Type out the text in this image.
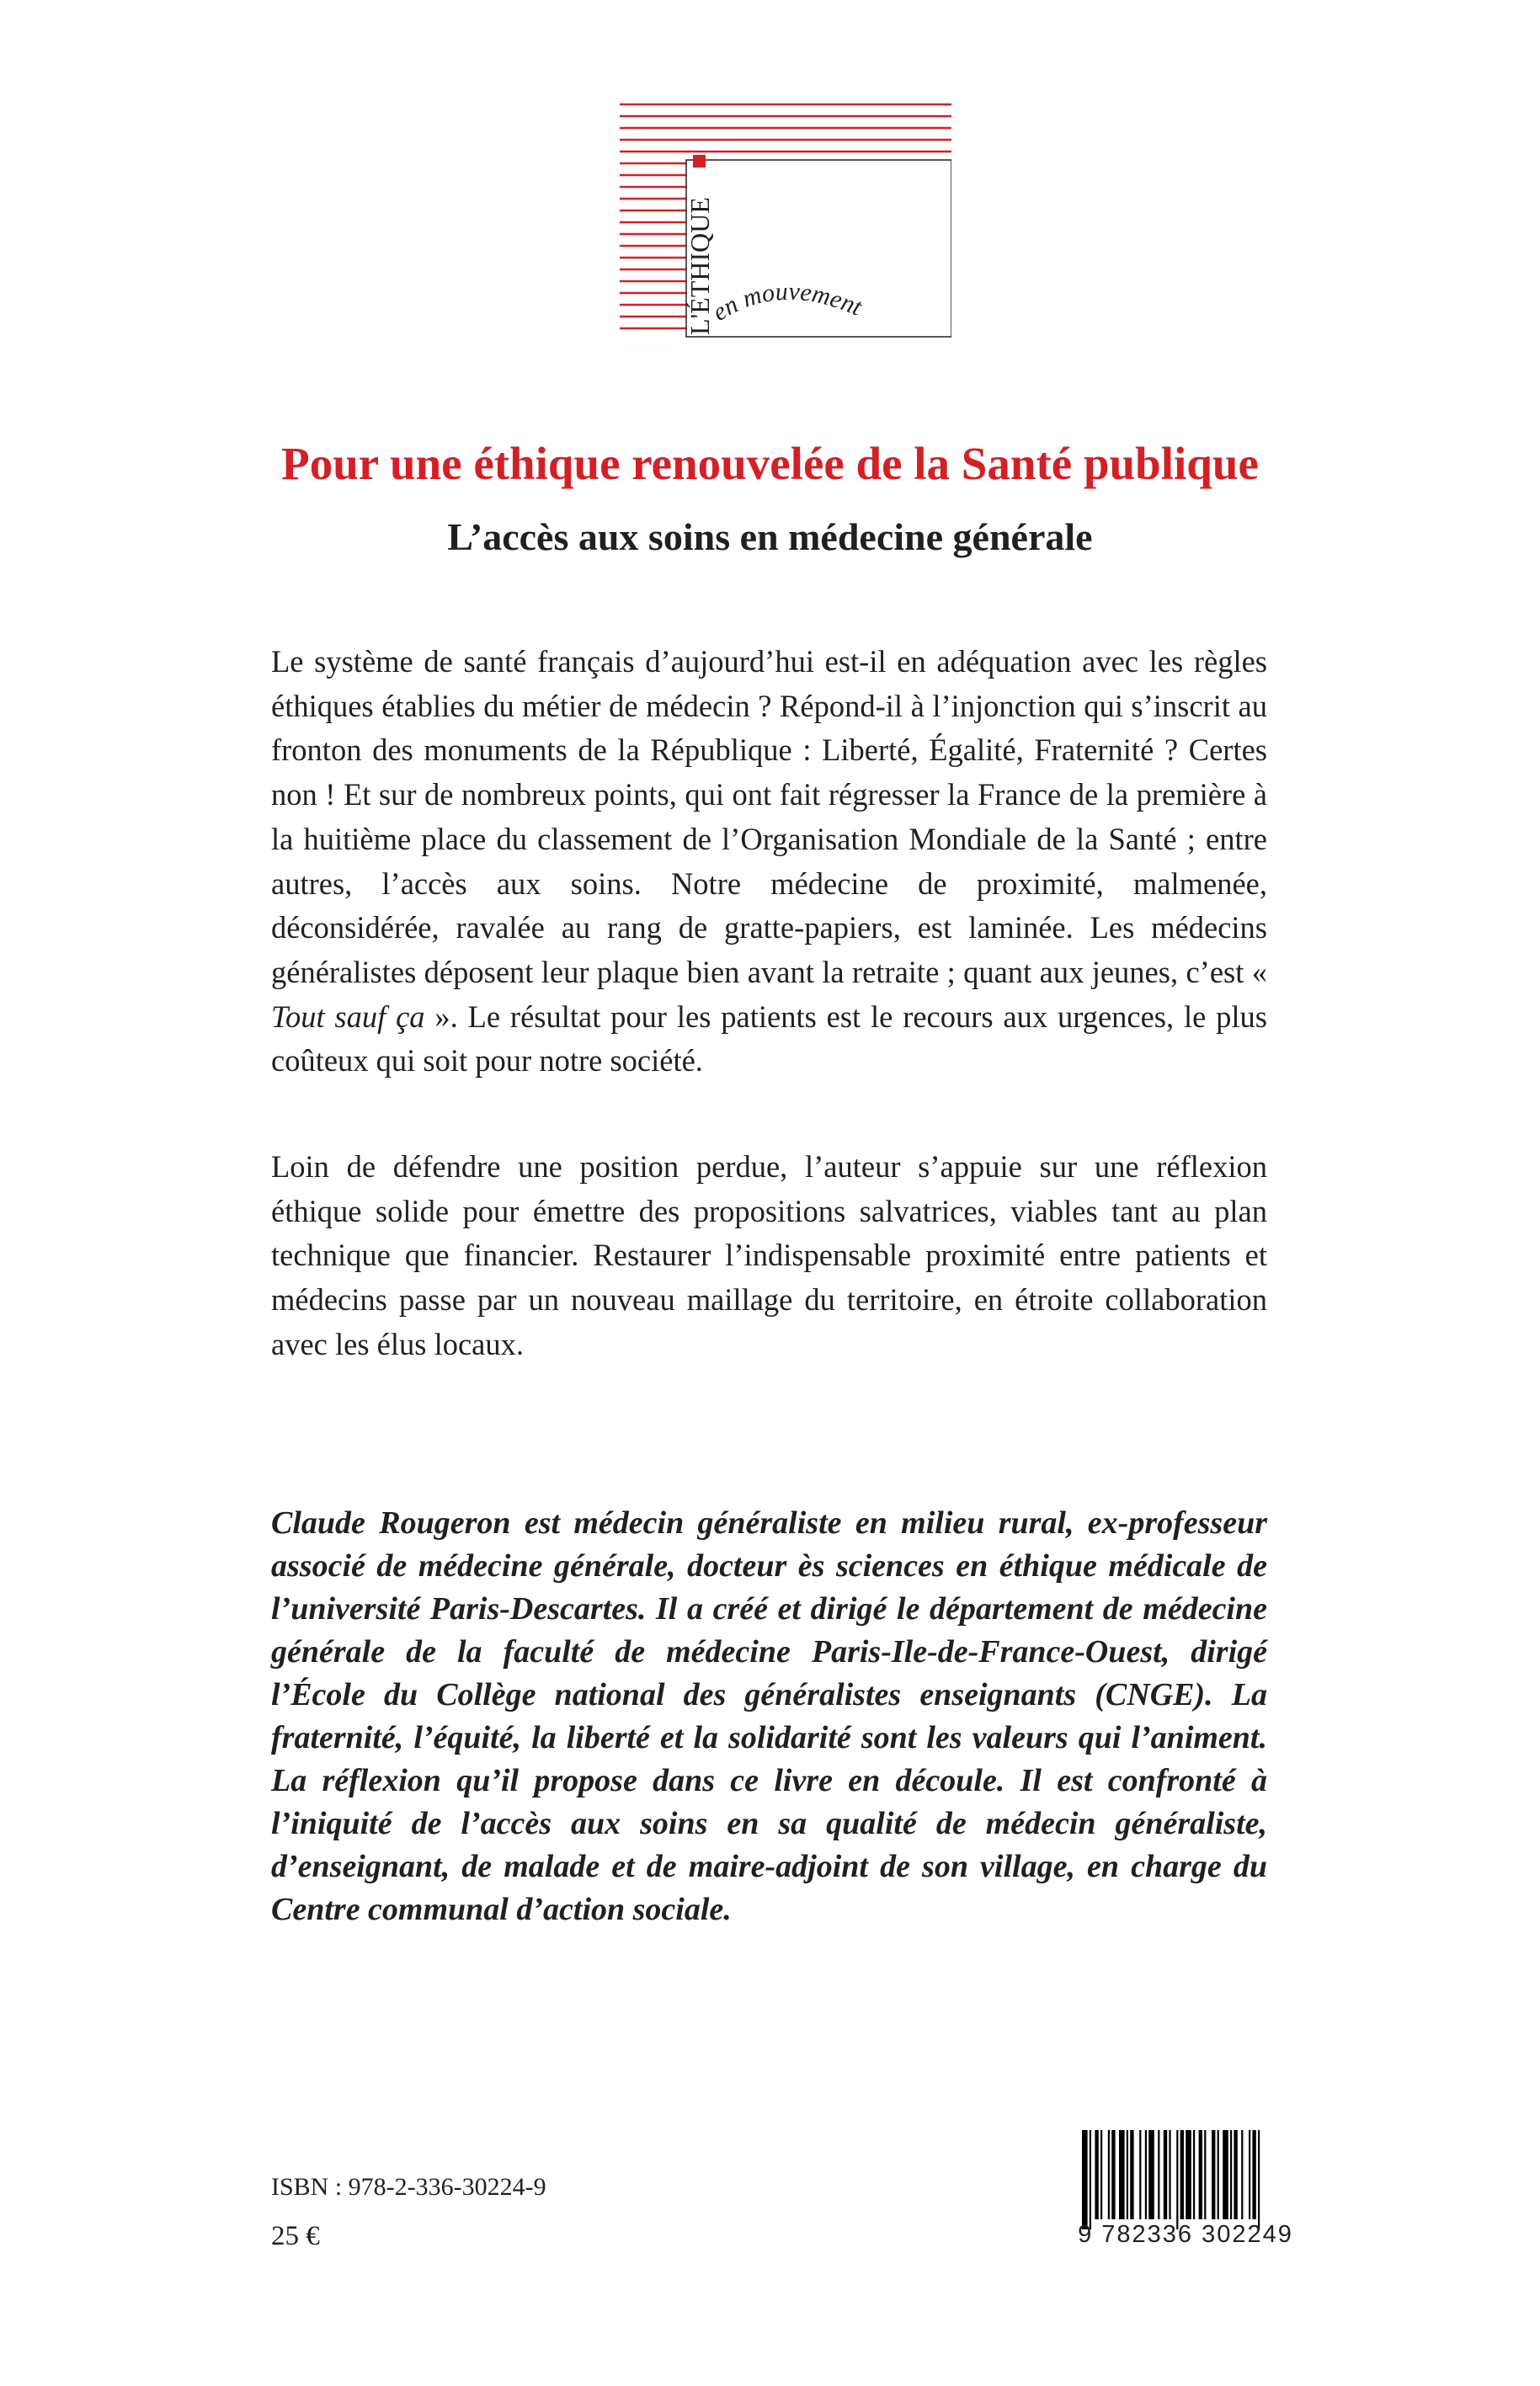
L'ÉTHIQUE
en mouvement
Pour une éthique renouvelée de la Santé publique
L’accès aux soins en médecine générale

Le système de santé français d’aujourd’hui est-il en adéquation avec les règles éthiques établies du métier de médecin ? Répond-il à l’injonction qui s’inscrit au fronton des monuments de la République : Liberté, Égalité, Fraternité ? Certes non ! Et sur de nombreux points, qui ont fait régresser la France de la première à la huitième place du classement de l’Organisation Mondiale de la Santé ; entre autres, l’accès aux soins. Notre médecine de proximité, malmenée, déconsidérée, ravalée au rang de gratte-papiers, est laminée. Les médecins généralistes déposent leur plaque bien avant la retraite ; quant aux jeunes, c’est « Tout sauf ça ». Le résultat pour les patients est le recours aux urgences, le plus coûteux qui soit pour notre société.

Loin de défendre une position perdue, l’auteur s’appuie sur une réflexion éthique solide pour émettre des propositions salvatrices, viables tant au plan technique que financier. Restaurer l’indispensable proximité entre patients et médecins passe par un nouveau maillage du territoire, en étroite collaboration avec les élus locaux.

Claude Rougeron est médecin généraliste en milieu rural, ex-professeur associé de médecine générale, docteur ès sciences en éthique médicale de l’université Paris-Descartes. Il a créé et dirigé le département de médecine générale de la faculté de médecine Paris-Ile-de-France-Ouest, dirigé l’École du Collège national des généralistes enseignants (CNGE). La fraternité, l’équité, la liberté et la solidarité sont les valeurs qui l’animent. La réflexion qu’il propose dans ce livre en découle. Il est confronté à l’iniquité de l’accès aux soins en sa qualité de médecin généraliste, d’enseignant, de malade et de maire-adjoint de son village, en charge du Centre communal d’action sociale.

ISBN : 978-2-336-30224-9

25 €	9 782336 302249
